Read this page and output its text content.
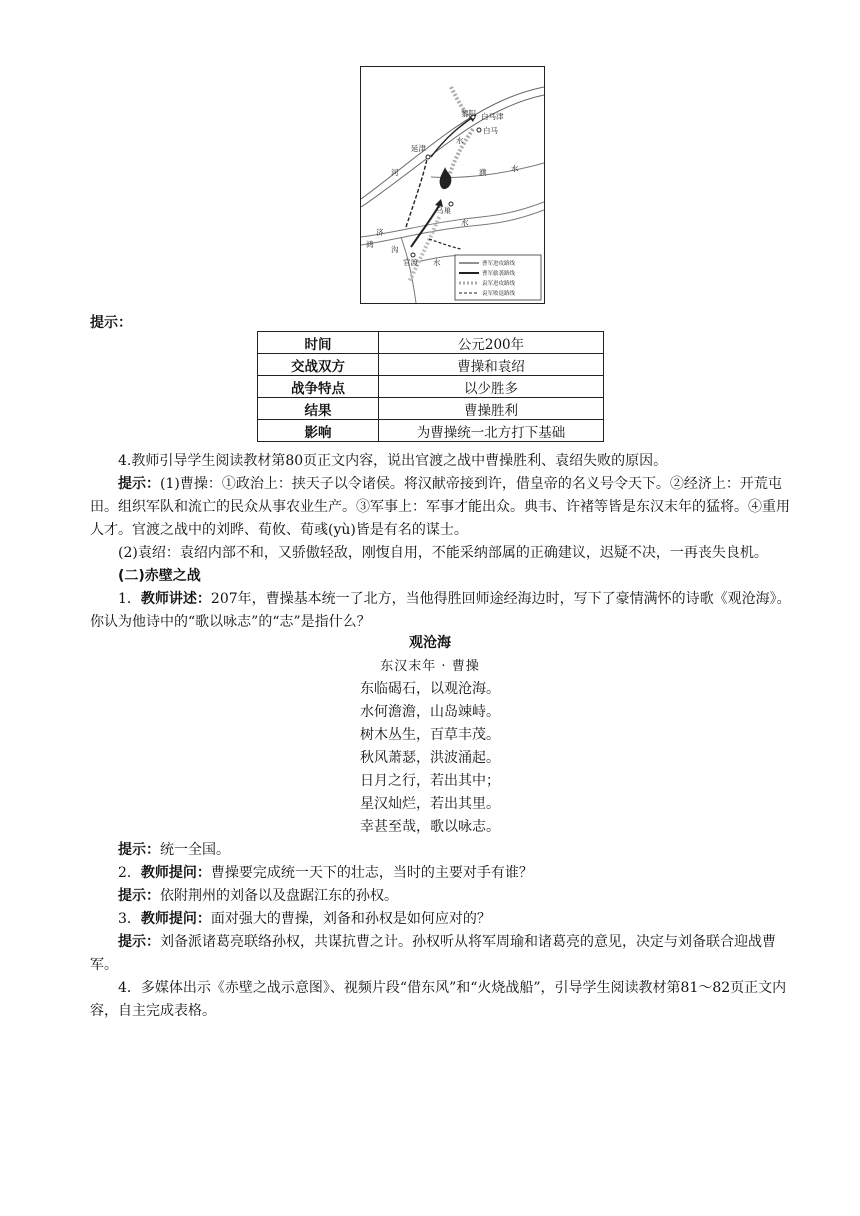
黎阳 白马津
白马
延津
乌巢
官渡
河
水
濮	水
水
济
鸿
沟
水	曹军进攻路线
曹军偷袭路线
袁军进攻路线
袁军败退路线
提示：
时间	公元200年
交战双方	曹操和袁绍
战争特点	以少胜多
结果	曹操胜利
影响	为曹操统一北方打下基础
4.教师引导学生阅读教材第80页正文内容，说出官渡之战中曹操胜利、袁绍失败的原因。
提示：(1)曹操：①政治上：挟天子以令诸侯。将汉献帝接到许，借皇帝的名义号令天下。②经济上：开荒屯田。组织军队和流亡的民众从事农业生产。③军事上：军事才能出众。典韦、许褚等皆是东汉末年的猛将。④重用人才。官渡之战中的刘晔、荀攸、荀彧(yù)皆是有名的谋士。
(2)袁绍：袁绍内部不和，又骄傲轻敌，刚愎自用，不能采纳部属的正确建议，迟疑不决，一再丧失良机。
(二)赤壁之战
1．教师讲述：207年，曹操基本统一了北方，当他得胜回师途经海边时，写下了豪情满怀的诗歌《观沧海》。你认为他诗中的“歌以咏志”的“志”是指什么？
观沧海
东汉末年 · 曹操
东临碣石，以观沧海。
水何澹澹，山岛竦峙。
树木丛生，百草丰茂。
秋风萧瑟，洪波涌起。
日月之行，若出其中；
星汉灿烂，若出其里。
幸甚至哉，歌以咏志。
提示：统一全国。
2．教师提问：曹操要完成统一天下的壮志，当时的主要对手有谁？
提示：依附荆州的刘备以及盘踞江东的孙权。
3．教师提问：面对强大的曹操，刘备和孙权是如何应对的？
提示：刘备派诸葛亮联络孙权，共谋抗曹之计。孙权听从将军周瑜和诸葛亮的意见，决定与刘备联合迎战曹军。
4．多媒体出示《赤壁之战示意图》、视频片段“借东风”和“火烧战船”，引导学生阅读教材第81～82页正文内容，自主完成表格。
